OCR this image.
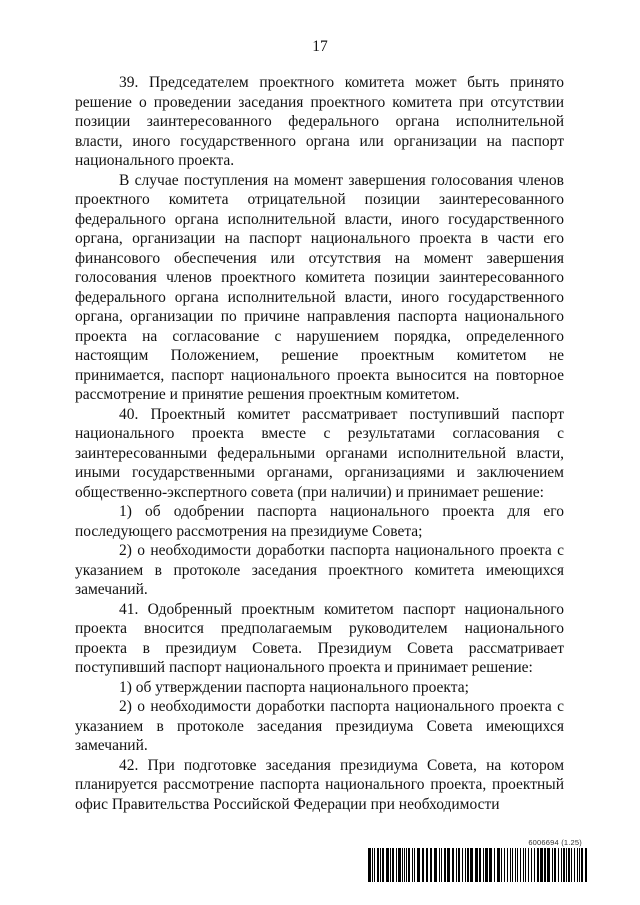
17

39. Председателем проектного комитета может быть принято решение о проведении заседания проектного комитета при отсутствии позиции заинтересованного федерального органа исполнительной власти, иного государственного органа или организации на паспорт национального проекта.

В случае поступления на момент завершения голосования членов проектного комитета отрицательной позиции заинтересованного федерального органа исполнительной власти, иного государственного органа, организации на паспорт национального проекта в части его финансового обеспечения или отсутствия на момент завершения голосования членов проектного комитета позиции заинтересованного федерального органа исполнительной власти, иного государственного органа, организации по причине направления паспорта национального проекта на согласование с нарушением порядка, определенного настоящим Положением, решение проектным комитетом не принимается, паспорт национального проекта выносится на повторное рассмотрение и принятие решения проектным комитетом.

40. Проектный комитет рассматривает поступивший паспорт национального проекта вместе с результатами согласования с заинтересованными федеральными органами исполнительной власти, иными государственными органами, организациями и заключением общественно-экспертного совета (при наличии) и принимает решение:

1) об одобрении паспорта национального проекта для его последующего рассмотрения на президиуме Совета;

2) о необходимости доработки паспорта национального проекта с указанием в протоколе заседания проектного комитета имеющихся замечаний.

41. Одобренный проектным комитетом паспорт национального проекта вносится предполагаемым руководителем национального проекта в президиум Совета. Президиум Совета рассматривает поступивший паспорт национального проекта и принимает решение:

1) об утверждении паспорта национального проекта;

2) о необходимости доработки паспорта национального проекта с указанием в протоколе заседания президиума Совета имеющихся замечаний.

42. При подготовке заседания президиума Совета, на котором планируется рассмотрение паспорта национального проекта, проектный офис Правительства Российской Федерации при необходимости

6006694 (1.25)
